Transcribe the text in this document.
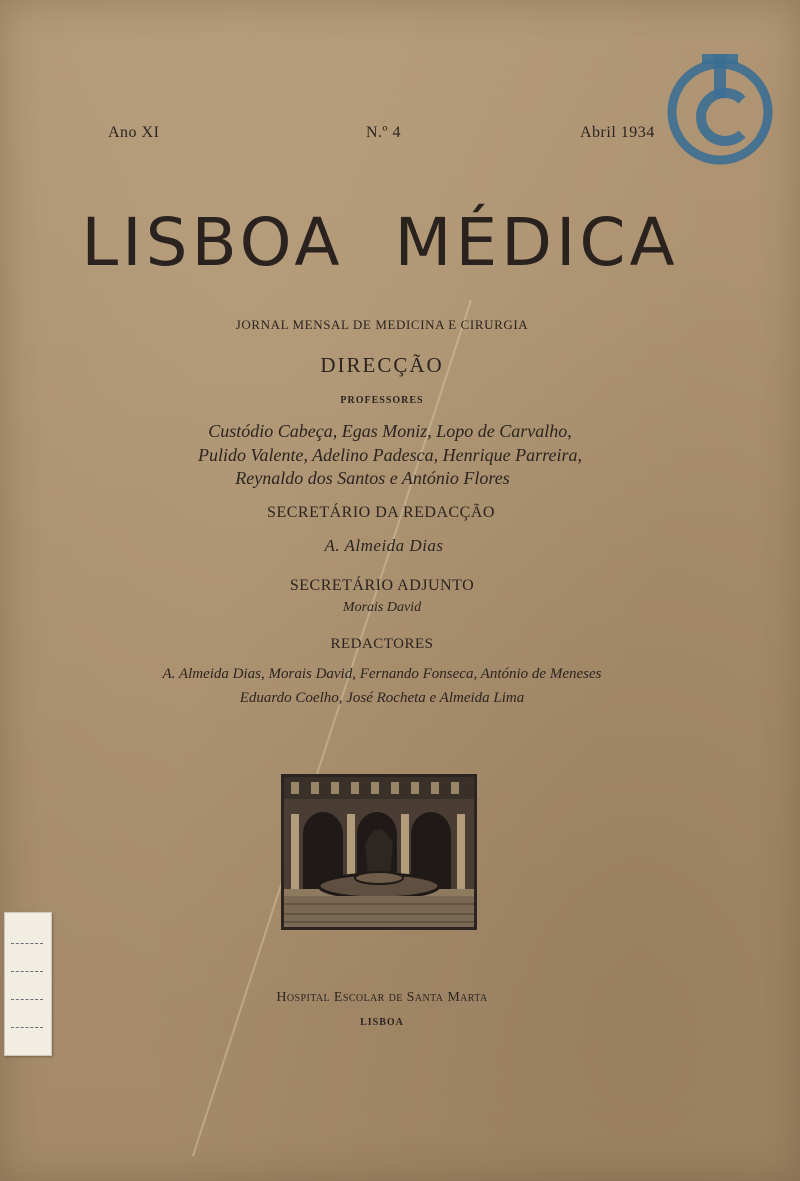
Ano XI	N.º 4	Abril 1934
LISBOA MÉDICA
JORNAL MENSAL DE MEDICINA E CIRURGIA
DIRECÇÃO
PROFESSORES
Custódio Cabeça, Egas Moniz, Lopo de Carvalho,
Pulido Valente, Adelino Padesca, Henrique Parreira,
Reynaldo dos Santos e António Flores
SECRETÁRIO DA REDACÇÃO
A. Almeida Dias
SECRETÁRIO ADJUNTO
Morais David
REDACTORES
A. Almeida Dias, Morais David, Fernando Fonseca, António de Meneses
Eduardo Coelho, José Rocheta e Almeida Lima
Hospital Escolar de Santa Marta
LISBOA
